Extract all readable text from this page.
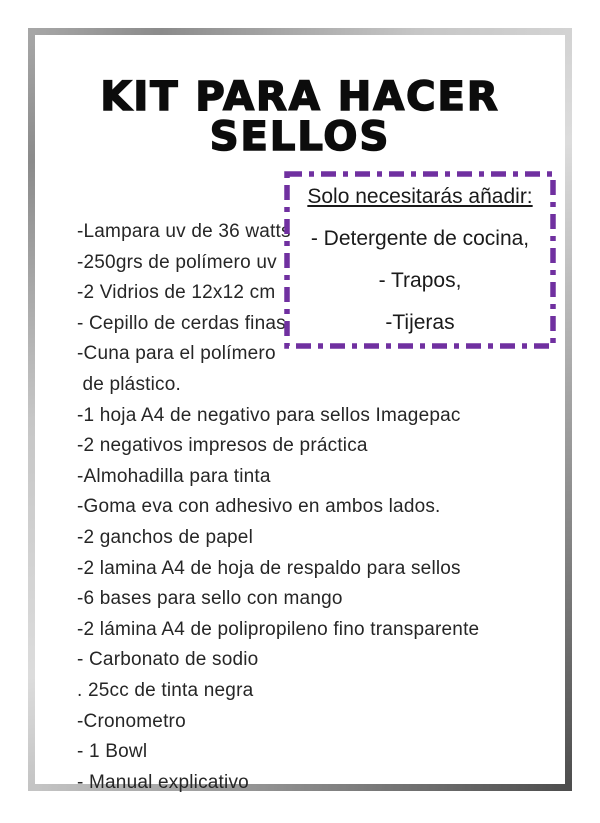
KIT PARA HACER
SELLOS
-Lampara uv de 36 watts
-250grs de polímero uv
-2 Vidrios de 12x12 cm
- Cepillo de cerdas finas
-Cuna para el polímero
de plástico.
-1 hoja A4 de negativo para sellos Imagepac
-2 negativos impresos de práctica
-Almohadilla para tinta
-Goma eva con adhesivo en ambos lados.
-2 ganchos de papel
-2 lamina A4 de hoja de respaldo para sellos
-6 bases para sello con mango
-2 lámina A4 de polipropileno fino transparente
- Carbonato de sodio
. 25cc de tinta negra
-Cronometro
- 1 Bowl
- Manual explicativo
Solo necesitarás añadir:
- Detergente de cocina,
- Trapos,
-Tijeras
